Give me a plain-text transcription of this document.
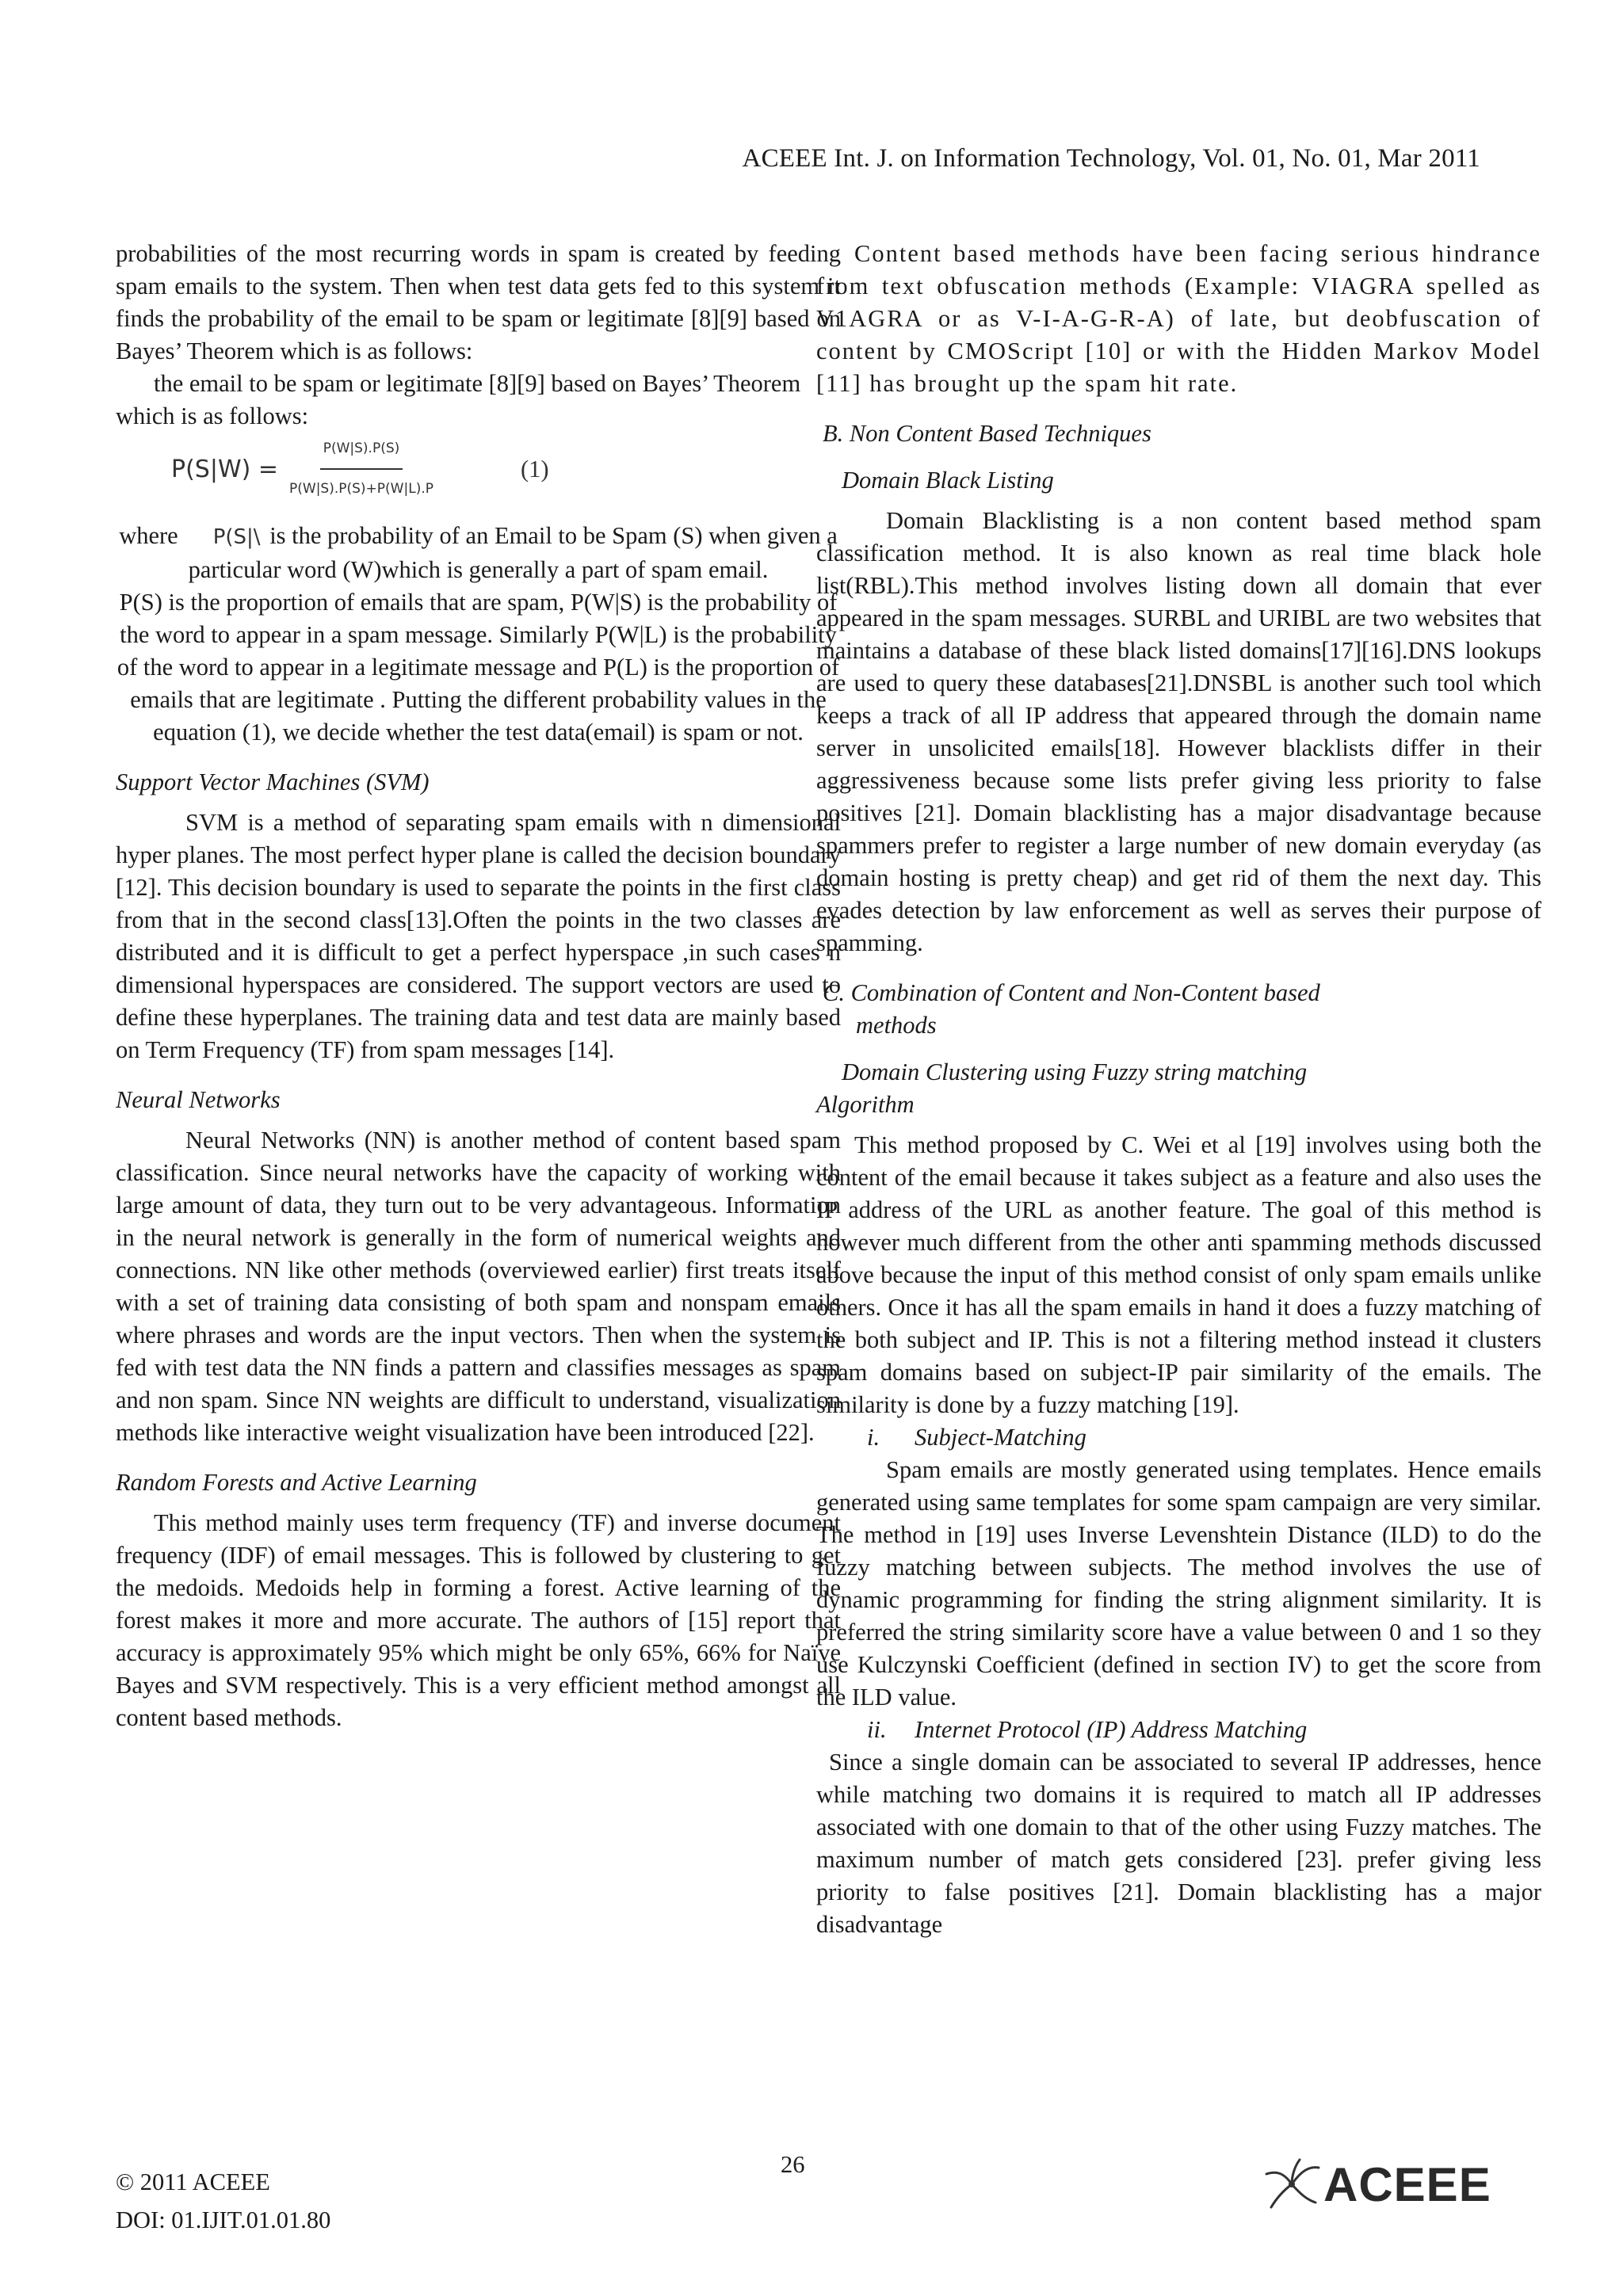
ACEEE Int. J. on Information Technology, Vol. 01, No. 01, Mar 2011

probabilities of the most recurring words in spam is created by feeding spam emails to the system. Then when test data gets fed to this system it finds the probability of the email to be spam or legitimate [8][9] based on Bayes’ Theorem which is as follows:

the email to be spam or legitimate [8][9] based on Bayes’ Theorem which is as follows:

$P(S|W) = \frac{P(W|S).P(S)}{P(W|S).P(S)+P(W|L).P}$	(1)

where P(S|\ is the probability of an Email to be Spam (S) when given a particular word (W)which is generally a part of spam email.

P(S) is the proportion of emails that are spam, P(W|S) is the probability of the word to appear in a spam message. Similarly P(W|L) is the probability of the word to appear in a legitimate message and P(L) is the proportion of emails that are legitimate . Putting the different probability values in the equation (1), we decide whether the test data(email) is spam or not.

Support Vector Machines (SVM)

SVM is a method of separating spam emails with n dimensional hyper planes. The most perfect hyper plane is called the decision boundary [12]. This decision boundary is used to separate the points in the first class from that in the second class[13].Often the points in the two classes are distributed and it is difficult to get a perfect hyperspace ,in such cases n dimensional hyperspaces are considered. The support vectors are used to define these hyperplanes. The training data and test data are mainly based on Term Frequency (TF) from spam messages [14].

Neural Networks

Neural Networks (NN) is another method of content based spam classification. Since neural networks have the capacity of working with large amount of data, they turn out to be very advantageous. Information in the neural network is generally in the form of numerical weights and connections. NN like other methods (overviewed earlier) first treats itself with a set of training data consisting of both spam and nonspam emails where phrases and words are the input vectors. Then when the system is fed with test data the NN finds a pattern and classifies messages as spam and non spam. Since NN weights are difficult to understand, visualization methods like interactive weight visualization have been introduced [22].

Random Forests and Active Learning

This method mainly uses term frequency (TF) and inverse document frequency (IDF) of email messages. This is followed by clustering to get the medoids. Medoids help in forming a forest. Active learning of the forest makes it more and more accurate. The authors of [15] report that accuracy is approximately 95% which might be only 65%, 66% for Naïve Bayes and SVM respectively. This is a very efficient method amongst all content based methods.

Content based methods have been facing serious hindrance from text obfuscation methods (Example: VIAGRA spelled as V1AGRA or as V-I-A-G-R-A) of late, but deobfuscation of content by CMOScript [10] or with the Hidden Markov Model [11] has brought up the spam hit rate.

B. Non Content Based Techniques

Domain Black Listing

Domain Blacklisting is a non content based method spam classification method. It is also known as real time black hole list(RBL).This method involves listing down all domain that ever appeared in the spam messages. SURBL and URIBL are two websites that maintains a database of these black listed domains[17][16].DNS lookups are used to query these databases[21].DNSBL is another such tool which keeps a track of all IP address that appeared through the domain name server in unsolicited emails[18]. However blacklists differ in their aggressiveness because some lists prefer giving less priority to false positives [21]. Domain blacklisting has a major disadvantage because spammers prefer to register a large number of new domain everyday (as domain hosting is pretty cheap) and get rid of them the next day. This evades detection by law enforcement as well as serves their purpose of spamming.

C. Combination of Content and Non-Content based
methods

Domain Clustering using Fuzzy string matching
Algorithm

This method proposed by C. Wei et al [19] involves using both the content of the email because it takes subject as a feature and also uses the IP address of the URL as another feature. The goal of this method is however much different from the other anti spamming methods discussed above because the input of this method consist of only spam emails unlike others. Once it has all the spam emails in hand it does a fuzzy matching of the both subject and IP. This is not a filtering method instead it clusters spam domains based on subject-IP pair similarity of the emails. The similarity is done by a fuzzy matching [19].

i. Subject-Matching

Spam emails are mostly generated using templates. Hence emails generated using same templates for some spam campaign are very similar. The method in [19] uses Inverse Levenshtein Distance (ILD) to do the fuzzy matching between subjects. The method involves the use of dynamic programming for finding the string alignment similarity. It is preferred the string similarity score have a value between 0 and 1 so they use Kulczynski Coefficient (defined in section IV) to get the score from the ILD value.

ii. Internet Protocol (IP) Address Matching

Since a single domain can be associated to several IP addresses, hence while matching two domains it is required to match all IP addresses associated with one domain to that of the other using Fuzzy matches. The maximum number of match gets considered [23]. prefer giving less priority to false positives [21]. Domain blacklisting has a major disadvantage

© 2011 ACEEE
DOI: 01.IJIT.01.01.80
26	ACEEE
